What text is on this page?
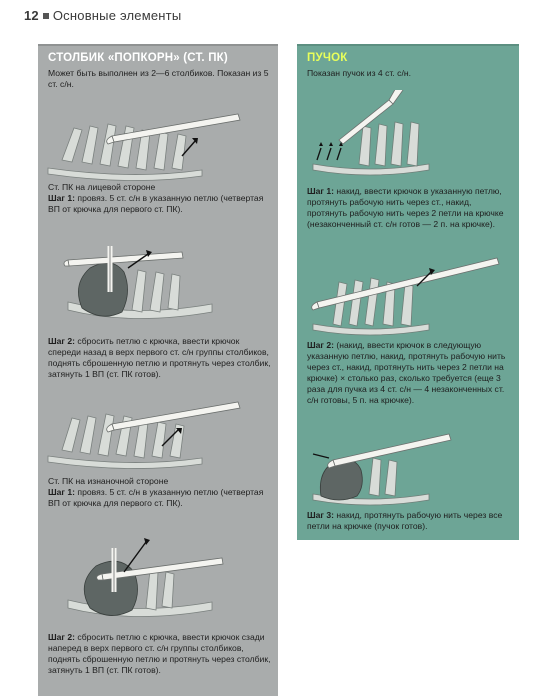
12 Основные элементы
СТОЛБИК «ПОПКОРН» (СТ. ПК)
Может быть выполнен из 2—6 столбиков. Показан из 5 ст. с/н.
Ст. ПК на лицевой стороне
Шаг 1: провяз. 5 ст. с/н в указанную петлю (четвертая ВП от крючка для первого ст. ПК).
Шаг 2: сбросить петлю с крючка, ввести крючок спереди назад в верх первого ст. с/н группы столбиков, поднять сброшенную петлю и протянуть через столбик, затянуть 1 ВП (ст. ПК готов).
Ст. ПК на изнаночной стороне
Шаг 1: провяз. 5 ст. с/н в указанную петлю (четвертая ВП от крючка для первого ст. ПК).
Шаг 2: сбросить петлю с крючка, ввести крючок сзади наперед в верх первого ст. с/н группы столбиков, поднять сброшенную петлю и протянуть через столбик, затянуть 1 ВП (ст. ПК готов).
ПУЧОК
Показан пучок из 4 ст. с/н.
Шаг 1: накид, ввести крючок в указанную петлю, протянуть рабочую нить через ст., накид, протянуть рабочую нить через 2 петли на крючке (незаконченный ст. с/н готов — 2 п. на крючке).
Шаг 2: (накид, ввести крючок в следующую указанную петлю, накид, протянуть рабочую нить через ст., накид, протянуть нить через 2 петли на крючке) × столько раз, сколько требуется (еще 3 раза для пучка из 4 ст. с/н — 4 незаконченных ст. с/н готовы, 5 п. на крючке).
Шаг 3: накид, протянуть рабочую нить через все петли на крючке (пучок готов).
